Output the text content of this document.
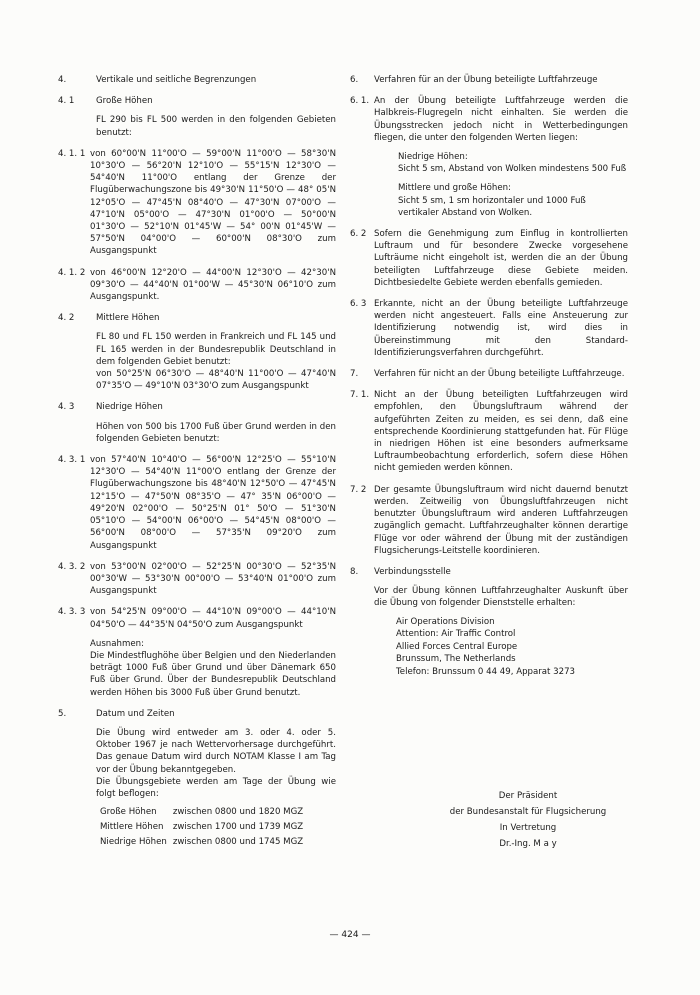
4.	Vertikale und seitliche Begrenzungen

4. 1	Große Höhen

FL 290 bis FL 500 werden in den folgenden Gebieten benutzt:

4. 1. 1 von 60°00'N 11°00'O — 59°00'N 11°00'O — 58°30'N 10°30'O — 56°20'N 12°10'O — 55°15'N 12°30'O — 54°40'N 11°00'O entlang der Grenze der Flugüberwachungszone bis 49°30'N 11°50'O — 48° 05'N 12°05'O — 47°45'N 08°40'O — 47°30'N 07°00'O — 47°10'N 05°00'O — 47°30'N 01°00'O — 50°00'N 01°30'O — 52°10'N 01°45'W — 54° 00'N 01°45'W — 57°50'N 04°00'O — 60°00'N 08°30'O zum Ausgangspunkt

4. 1. 2 von 46°00'N 12°20'O — 44°00'N 12°30'O — 42°30'N 09°30'O — 44°40'N 01°00'W — 45°30'N 06°10'O zum Ausgangspunkt.

4. 2	Mittlere Höhen

FL 80 und FL 150 werden in Frankreich und FL 145 und FL 165 werden in der Bundesrepublik Deutschland in dem folgenden Gebiet benutzt:

von 50°25'N 06°30'O — 48°40'N 11°00'O — 47°40'N 07°35'O — 49°10'N 03°30'O zum Ausgangspunkt

4. 3	Niedrige Höhen

Höhen von 500 bis 1700 Fuß über Grund werden in den folgenden Gebieten benutzt:

4. 3. 1 von 57°40'N 10°40'O — 56°00'N 12°25'O — 55°10'N 12°30'O — 54°40'N 11°00'O entlang der Grenze der Flugüberwachungszone bis 48°40'N 12°50'O — 47°45'N 12°15'O — 47°50'N 08°35'O — 47° 35'N 06°00'O — 49°20'N 02°00'O — 50°25'N 01° 50'O — 51°30'N 05°10'O — 54°00'N 06°00'O — 54°45'N 08°00'O — 56°00'N 08°00'O — 57°35'N 09°20'O zum Ausgangspunkt

4. 3. 2 von 53°00'N 02°00'O — 52°25'N 00°30'O — 52°35'N 00°30'W — 53°30'N 00°00'O — 53°40'N 01°00'O zum Ausgangspunkt

4. 3. 3 von 54°25'N 09°00'O — 44°10'N 09°00'O — 44°10'N 04°50'O — 44°35'N 04°50'O zum Ausgangspunkt

Ausnahmen:

Die Mindestflughöhe über Belgien und den Niederlanden beträgt 1000 Fuß über Grund und über Dänemark 650 Fuß über Grund. Über der Bundesrepublik Deutschland werden Höhen bis 3000 Fuß über Grund benutzt.

5.	Datum und Zeiten

Die Übung wird entweder am 3. oder 4. oder 5. Oktober 1967 je nach Wettervorhersage durchgeführt. Das genaue Datum wird durch NOTAM Klasse I am Tag vor der Übung bekanntgegeben.

Die Übungsgebiete werden am Tage der Übung wie folgt beflogen:

Große Höhen	zwischen 0800 und 1820 MGZ
Mittlere Höhen	zwischen 1700 und 1739 MGZ
Niedrige Höhen	zwischen 0800 und 1745 MGZ
6. Verfahren für an der Übung beteiligte Luftfahrzeuge

6. 1. An der Übung beteiligte Luftfahrzeuge werden die Halbkreis-Flugregeln nicht einhalten. Sie werden die Übungsstrecken jedoch nicht in Wetterbedingungen fliegen, die unter den folgenden Werten liegen:

Niedrige Höhen:

Sicht 5 sm, Abstand von Wolken mindestens 500 Fuß

Mittlere und große Höhen:

Sicht 5 sm, 1 sm horizontaler und 1000 Fuß vertikaler Abstand von Wolken.

6. 2 Sofern die Genehmigung zum Einflug in kontrollierten Luftraum und für besondere Zwecke vorgesehene Lufträume nicht eingeholt ist, werden die an der Übung beteiligten Luftfahrzeuge diese Gebiete meiden. Dichtbesiedelte Gebiete werden ebenfalls gemieden.

6. 3 Erkannte, nicht an der Übung beteiligte Luftfahrzeuge werden nicht angesteuert. Falls eine Ansteuerung zur Identifizierung notwendig ist, wird dies in Übereinstimmung mit den Standard-Identifizierungsverfahren durchgeführt.

7. Verfahren für nicht an der Übung beteiligte Luftfahrzeuge.

7. 1. Nicht an der Übung beteiligten Luftfahrzeugen wird empfohlen, den Übungsluftraum während der aufgeführten Zeiten zu meiden, es sei denn, daß eine entsprechende Koordinierung stattgefunden hat. Für Flüge in niedrigen Höhen ist eine besonders aufmerksame Luftraumbeobachtung erforderlich, sofern diese Höhen nicht gemieden werden können.

7. 2 Der gesamte Übungsluftraum wird nicht dauernd benutzt werden. Zeitweilig von Übungsluftfahrzeugen nicht benutzter Übungsluftraum wird anderen Luftfahrzeugen zugänglich gemacht. Luftfahrzeughalter können derartige Flüge vor oder während der Übung mit der zuständigen Flugsicherungs-Leitstelle koordinieren.

8. Verbindungsstelle

Vor der Übung können Luftfahrzeughalter Auskunft über die Übung von folgender Dienststelle erhalten:

Air Operations Division

Attention: Air Traffic Control

Allied Forces Central Europe

Brunssum, The Netherlands

Telefon: Brunssum 0 44 49, Apparat 3273

Der Präsident

der Bundesanstalt für Flugsicherung

In Vertretung

Dr.-Ing. M a y

— 424 —
